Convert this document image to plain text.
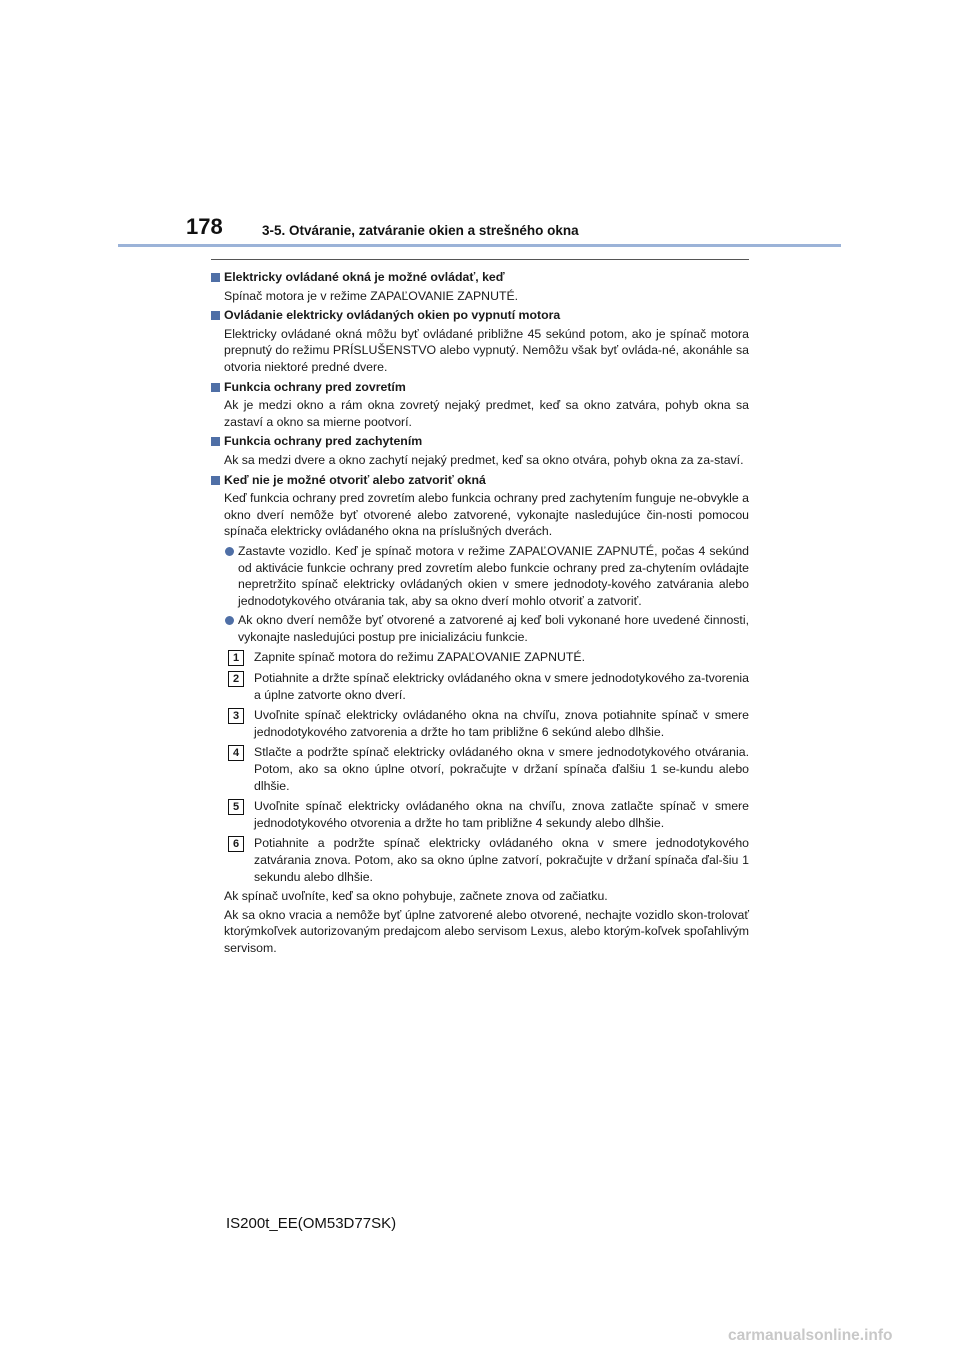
178	3-5. Otváranie, zatváranie okien a strešného okna
Elektricky ovládané okná je možné ovládať, keď
Spínač motora je v režime ZAPAĽOVANIE ZAPNUTÉ.
Ovládanie elektricky ovládaných okien po vypnutí motora
Elektricky ovládané okná môžu byť ovládané približne 45 sekúnd potom, ako je spínač motora prepnutý do režimu PRÍSLUŠENSTVO alebo vypnutý. Nemôžu však byť ovláda-né, akonáhle sa otvoria niektoré predné dvere.
Funkcia ochrany pred zovretím
Ak je medzi okno a rám okna zovretý nejaký predmet, keď sa okno zatvára, pohyb okna sa zastaví a okno sa mierne pootvorí.
Funkcia ochrany pred zachytením
Ak sa medzi dvere a okno zachytí nejaký predmet, keď sa okno otvára, pohyb okna za za-staví.
Keď nie je možné otvoriť alebo zatvoriť okná
Keď funkcia ochrany pred zovretím alebo funkcia ochrany pred zachytením funguje ne-obvykle a okno dverí nemôže byť otvorené alebo zatvorené, vykonajte nasledujúce čin-nosti pomocou spínača elektricky ovládaného okna na príslušných dverách.
Zastavte vozidlo. Keď je spínač motora v režime ZAPAĽOVANIE ZAPNUTÉ, počas 4 sekúnd od aktivácie funkcie ochrany pred zovretím alebo funkcie ochrany pred za-chytením ovládajte nepretržito spínač elektricky ovládaných okien v smere jednodoty-kového zatvárania alebo jednodotykového otvárania tak, aby sa okno dverí mohlo otvoriť a zatvoriť.
Ak okno dverí nemôže byť otvorené a zatvorené aj keď boli vykonané hore uvedené činnosti, vykonajte nasledujúci postup pre inicializáciu funkcie.
1	Zapnite spínač motora do režimu ZAPAĽOVANIE ZAPNUTÉ.
2	Potiahnite a držte spínač elektricky ovládaného okna v smere jednodotykového za-tvorenia a úplne zatvorte okno dverí.
3	Uvoľnite spínač elektricky ovládaného okna na chvíľu, znova potiahnite spínač v smere jednodotykového zatvorenia a držte ho tam približne 6 sekúnd alebo dlhšie.
4	Stlačte a podržte spínač elektricky ovládaného okna v smere jednodotykového otvárania. Potom, ako sa okno úplne otvorí, pokračujte v držaní spínača ďalšiu 1 se-kundu alebo dlhšie.
5	Uvoľnite spínač elektricky ovládaného okna na chvíľu, znova zatlačte spínač v smere jednodotykového otvorenia a držte ho tam približne 4 sekundy alebo dlhšie.
6	Potiahnite a podržte spínač elektricky ovládaného okna v smere jednodotykového zatvárania znova. Potom, ako sa okno úplne zatvorí, pokračujte v držaní spínača ďal-šiu 1 sekundu alebo dlhšie.
Ak spínač uvoľníte, keď sa okno pohybuje, začnete znova od začiatku.
Ak sa okno vracia a nemôže byť úplne zatvorené alebo otvorené, nechajte vozidlo skon-trolovať ktorýmkoľvek autorizovaným predajcom alebo servisom Lexus, alebo ktorým-koľvek spoľahlivým servisom.
IS200t_EE(OM53D77SK)
carmanualsonline.info
